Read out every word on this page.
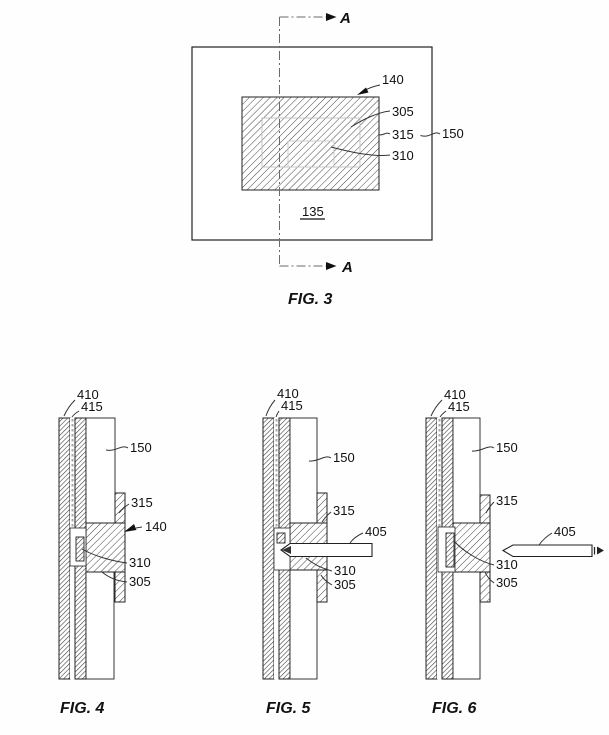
A
A
140
305
315 150
310
135
FIG. 3
410
415
150
315
140
310
305
FIG. 4
410
415
150
315
405
310
305
FIG. 5
410
415
150
315
405
310
305
FIG. 6
